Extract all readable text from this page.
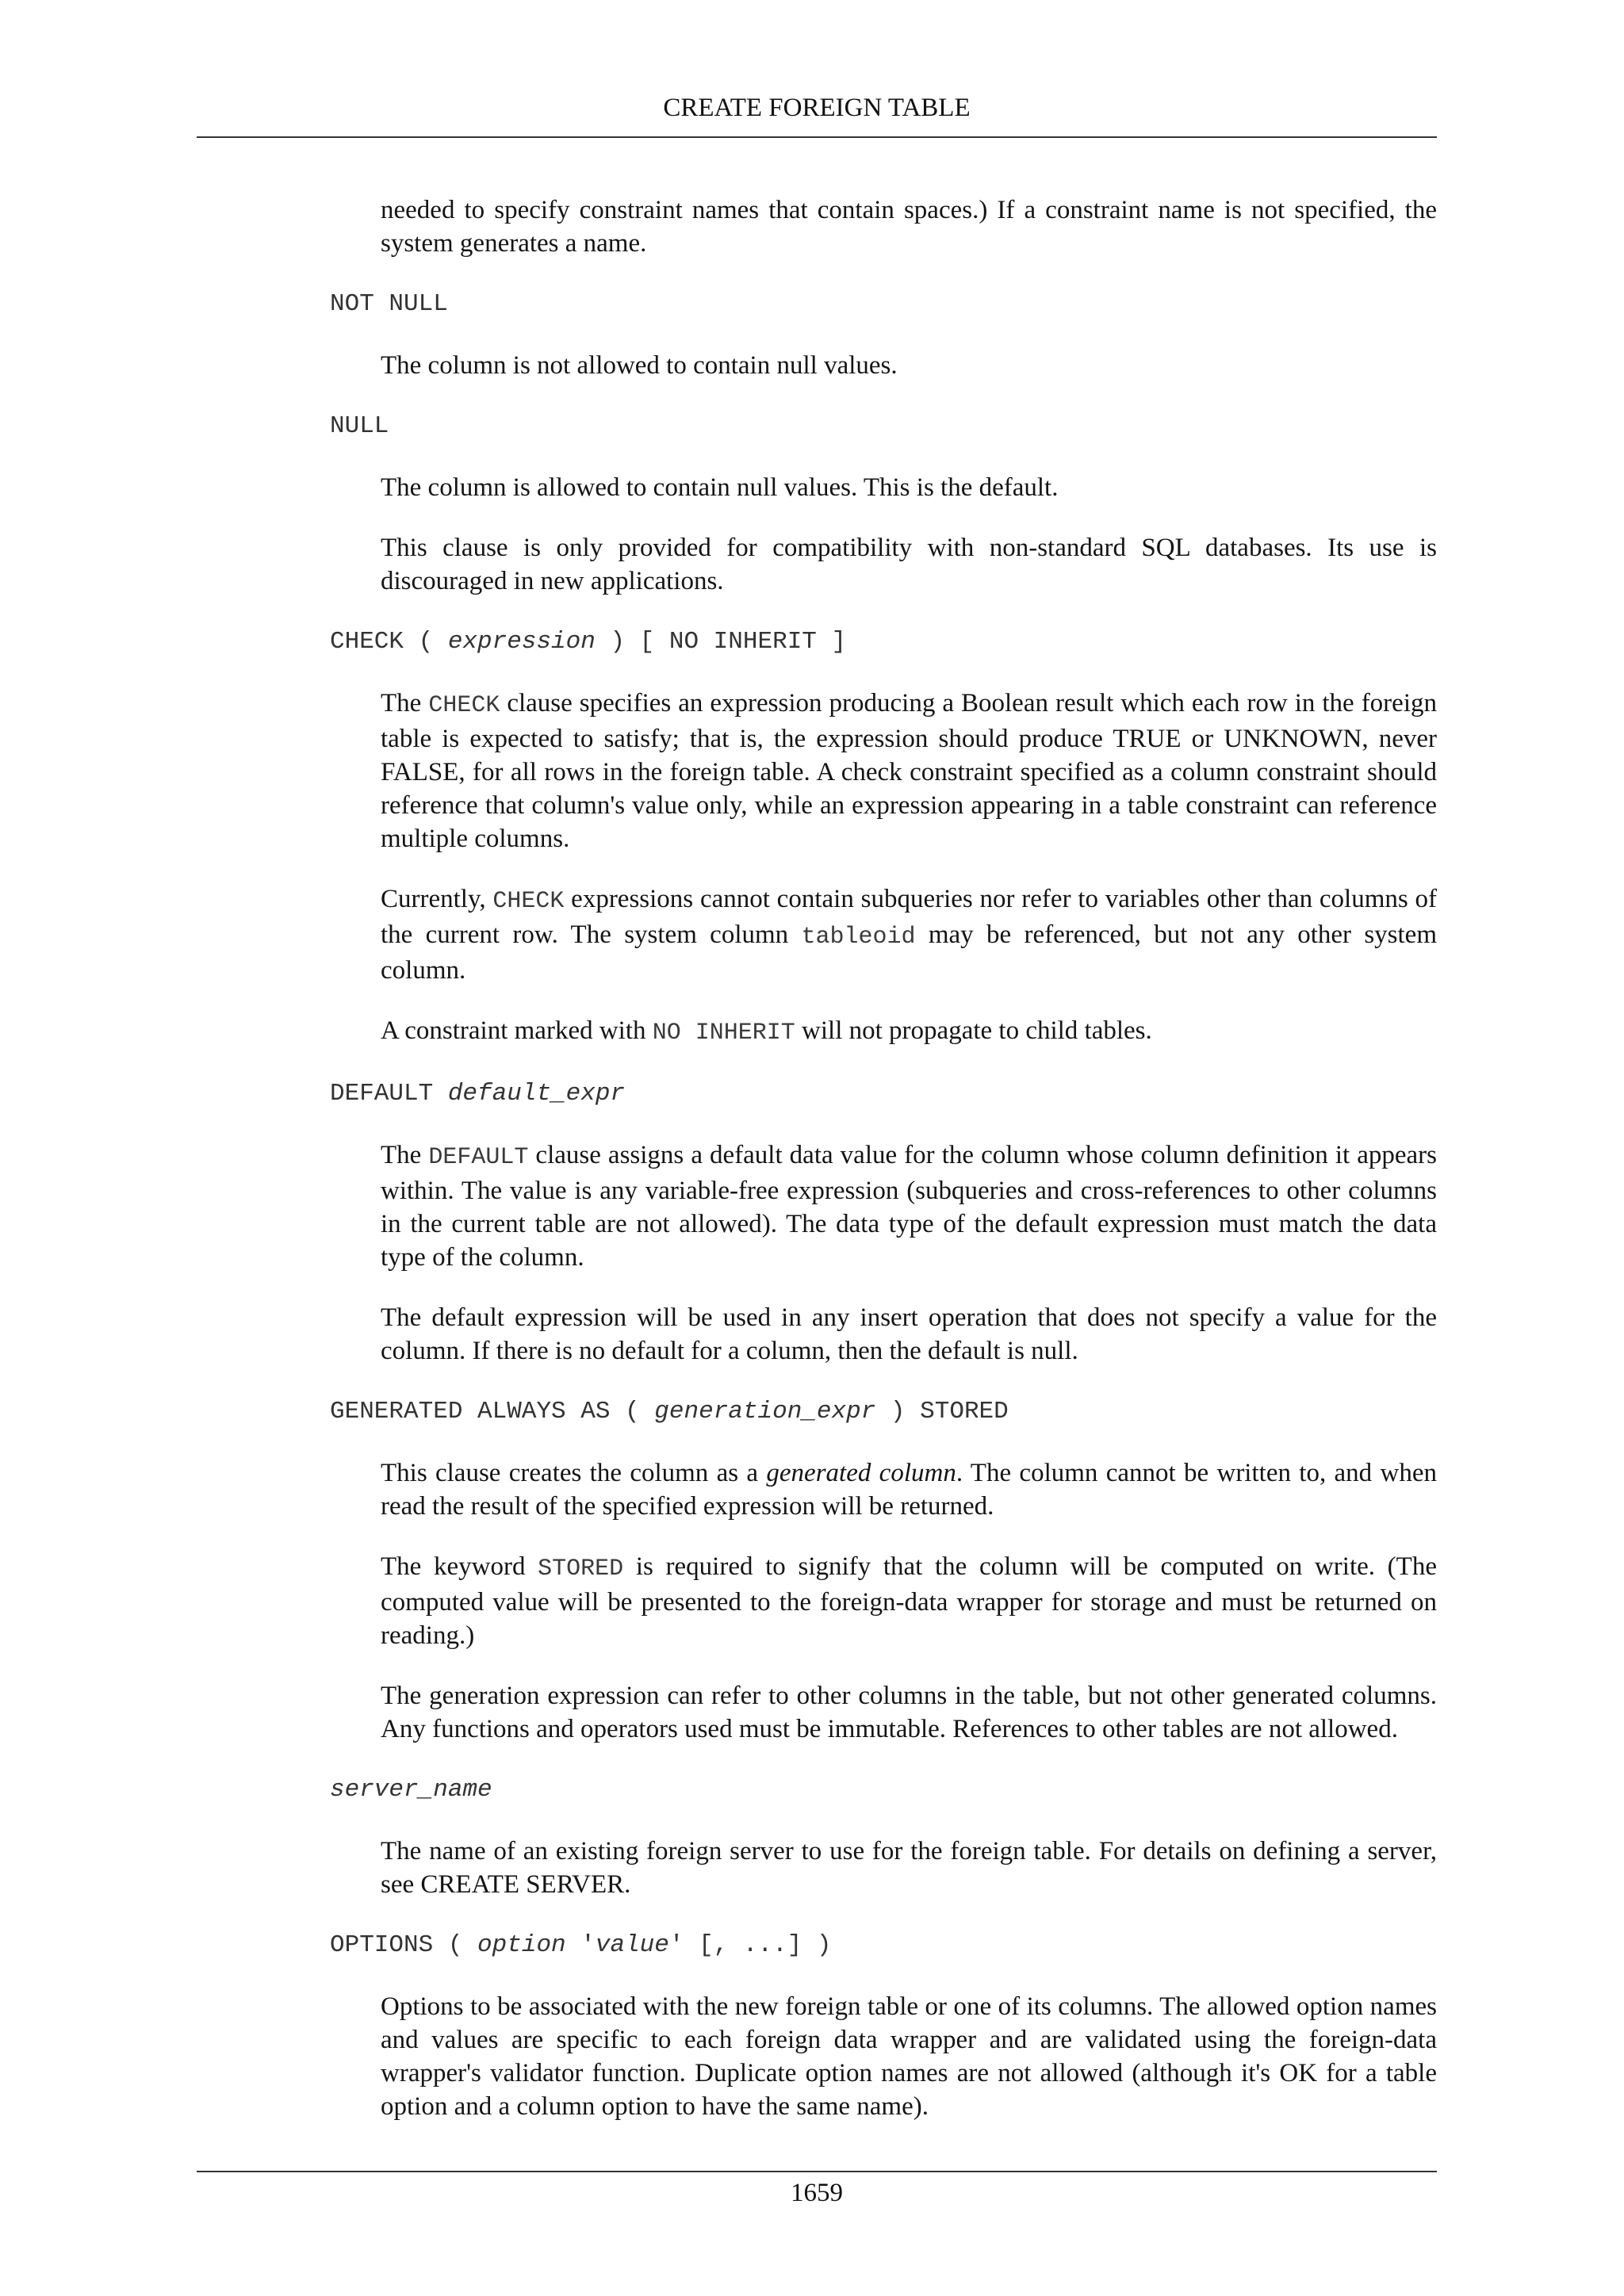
CREATE FOREIGN TABLE
needed to specify constraint names that contain spaces.) If a constraint name is not specified, the system generates a name.
NOT NULL
The column is not allowed to contain null values.
NULL
The column is allowed to contain null values. This is the default.
This clause is only provided for compatibility with non-standard SQL databases. Its use is discouraged in new applications.
CHECK ( expression ) [ NO INHERIT ]
The CHECK clause specifies an expression producing a Boolean result which each row in the foreign table is expected to satisfy; that is, the expression should produce TRUE or UNKNOWN, never FALSE, for all rows in the foreign table. A check constraint specified as a column constraint should reference that column's value only, while an expression appearing in a table constraint can reference multiple columns.
Currently, CHECK expressions cannot contain subqueries nor refer to variables other than columns of the current row. The system column tableoid may be referenced, but not any other system column.
A constraint marked with NO INHERIT will not propagate to child tables.
DEFAULT default_expr
The DEFAULT clause assigns a default data value for the column whose column definition it appears within. The value is any variable-free expression (subqueries and cross-references to other columns in the current table are not allowed). The data type of the default expression must match the data type of the column.
The default expression will be used in any insert operation that does not specify a value for the column. If there is no default for a column, then the default is null.
GENERATED ALWAYS AS ( generation_expr ) STORED
This clause creates the column as a generated column. The column cannot be written to, and when read the result of the specified expression will be returned.
The keyword STORED is required to signify that the column will be computed on write. (The computed value will be presented to the foreign-data wrapper for storage and must be returned on reading.)
The generation expression can refer to other columns in the table, but not other generated columns. Any functions and operators used must be immutable. References to other tables are not allowed.
server_name
The name of an existing foreign server to use for the foreign table. For details on defining a server, see CREATE SERVER.
OPTIONS ( option 'value' [, ...] )
Options to be associated with the new foreign table or one of its columns. The allowed option names and values are specific to each foreign data wrapper and are validated using the foreign-data wrapper's validator function. Duplicate option names are not allowed (although it's OK for a table option and a column option to have the same name).
1659
